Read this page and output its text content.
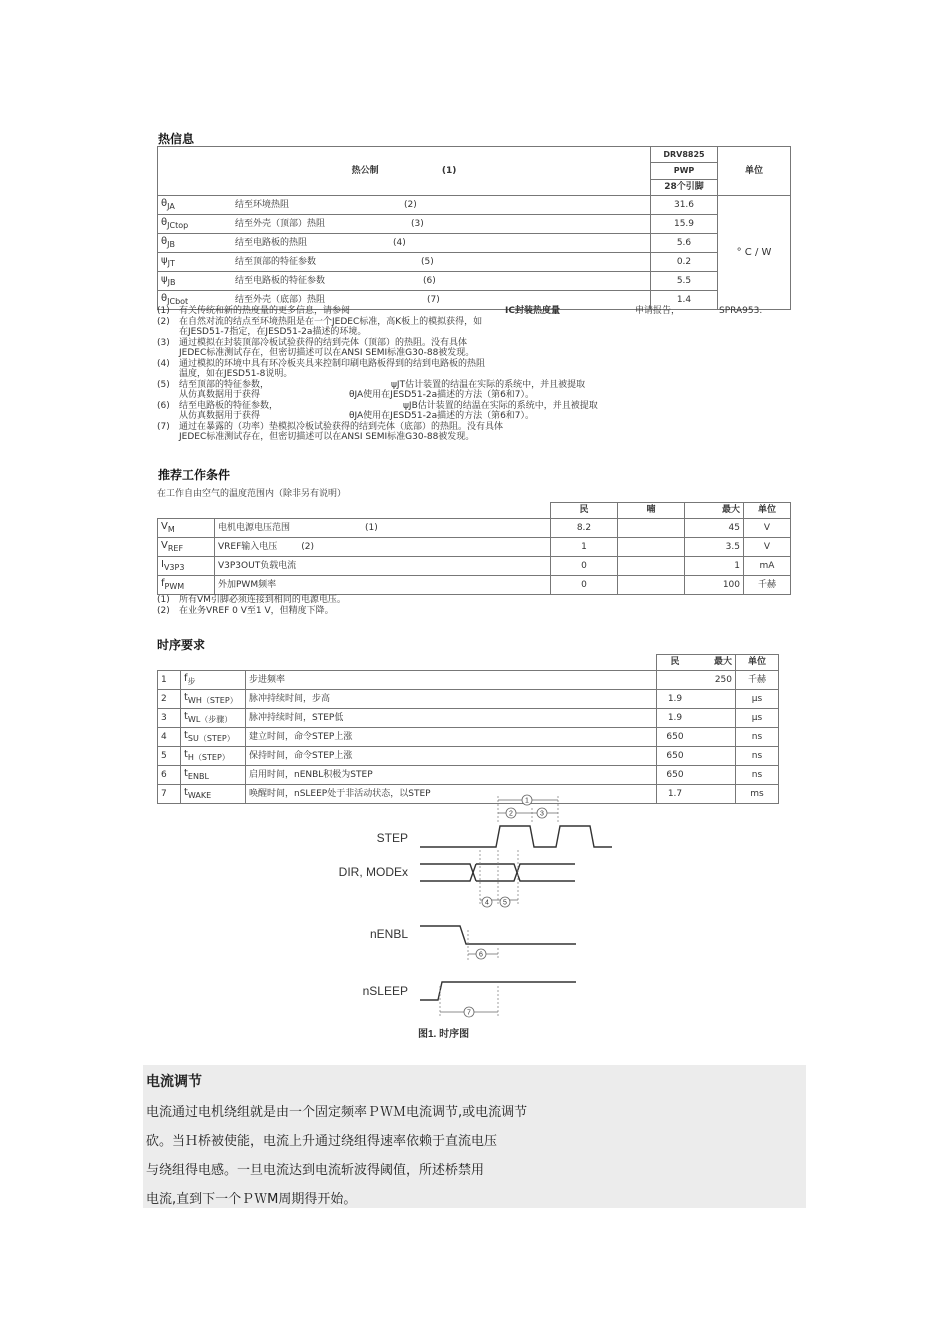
热信息
热公制 (1)		DRV8825	单位
		PWP	
		28个引脚	
$\theta_{JA}$	结至环境热阻 (2)	31.6	° C / W
$\theta_{JCtop}$	结至外壳（顶部）热阻 (3)	15.9	
$\theta_{JB}$	结至电路板的热阻 (4)	5.6	
$\psi_{JT}$	结至顶部的特征参数 (5)	0.2	
$\psi_{JB}$	结至电路板的特征参数 (6)	5.5	
$\theta_{JCbot}$	结至外壳（底部）热阻 (7)	1.4	
(1)	有关传统和新的热度量的更多信息，请参阅	IC封装热度量	申请报告，	SPRA953.
(2)	在自然对流的结点至环境热阻是在一个JEDEC标准，高K板上的模拟获得，如
在JESD51-7指定，在JESD51-2a描述的环境。
(3)	通过模拟在封装顶部冷板试验获得的结到壳体（顶部）的热阻。没有具体
JEDEC标准测试存在，但密切描述可以在ANSI SEMI标准G30-88被发现。
(4)	通过模拟的环境中具有环冷板夹具来控制印刷电路板得到的结到电路板的热阻
温度，如在JESD51-8说明。
(5)	结至顶部的特征参数，	ψJT估计装置的结温在实际的系统中，并且被提取
从仿真数据用于获得	θJA使用在JESD51-2a描述的方法（第6和7）。
(6)	结至电路板的特征参数，	ψJB估计装置的结温在实际的系统中，并且被提取
从仿真数据用于获得	θJA使用在JESD51-2a描述的方法（第6和7）。
(7)	通过在暴露的（功率）垫模拟冷板试验获得的结到壳体（底部）的热阻。没有具体
JEDEC标准测试存在，但密切描述可以在ANSI SEMI标准G30-88被发现。
推荐工作条件
在工作自由空气的温度范围内（除非另有说明）
		民	喃	最大	单位
$V_M$	电机电源电压范围 (1)	8.2		45	V
$V_{REF}$	VREF输入电压 (2)	1		3.5	V
$I_{V3P3}$	V3P3OUT负载电流	0		1	mA
$f_{PWM}$	外加PWM频率	0		100	千赫
(1)	所有VM引脚必须连接到相同的电源电压。
(2)	在业务VREF 0 V至1 V，但精度下降。
时序要求
			民	最大	单位
1	$f_步$	步进频率		250	千赫
2	$t_{WH(STEP)}$	脉冲持续时间，步高	1.9		μs
3	$t_{WL(步骤)}$	脉冲持续时间，STEP低	1.9		μs
4	$t_{SU(STEP)}$	建立时间，命令STEP上涨	650		ns
5	$t_{H(STEP)}$	保持时间，命令STEP上涨	650		ns
6	$t_{ENBL}$	启用时间，nENBL积极为STEP	650		ns
7	$t_{WAKE}$	唤醒时间，nSLEEP处于非活动状态，以STEP	1.7		ms
1
2	3
4 5
6
7
STEP
DIR, MODEx
nENBL
nSLEEP
图1. 时序图
电流调节
电流通过电机绕组就是由一个固定频率ＰＷＭ电流调节,或电流调节
砍。当Ｈ桥被使能，电流上升通过绕组得速率依赖于直流电压
与绕组得电感。一旦电流达到电流斩波得阈值，所述桥禁用
电流,直到下一个ＰＷM周期得开始。
